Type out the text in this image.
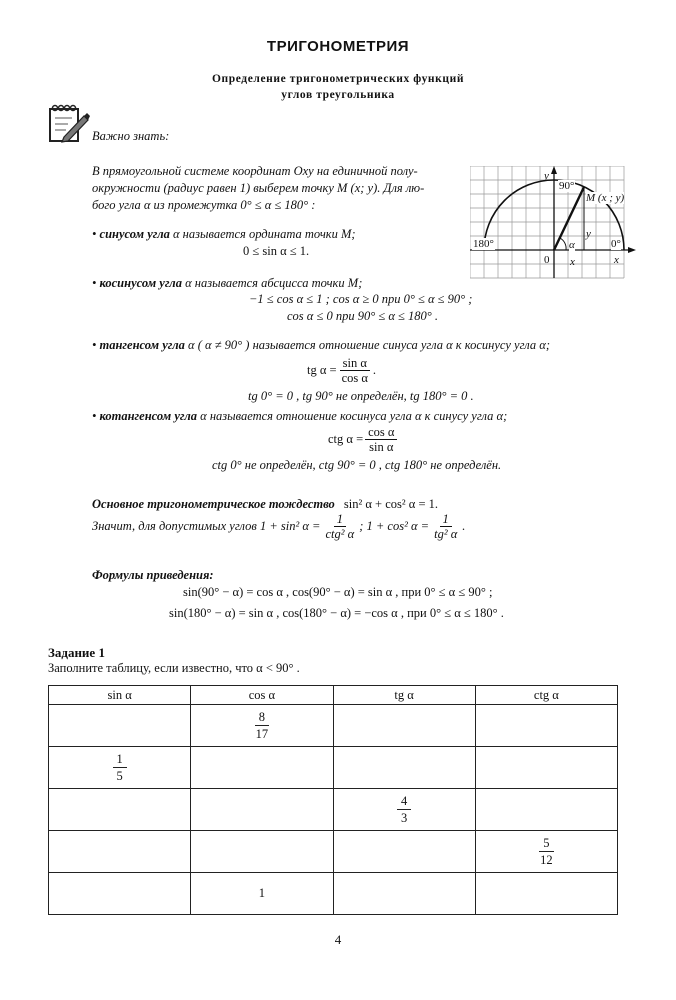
ТРИГОНОМЕТРИЯ
Определение тригонометрических функций
углов треугольника
Важно знать:
В прямоугольной системе координат Oxy на единичной полу-
окружности (радиус равен 1) выберем точку M (x; y). Для лю-
бого угла α из промежутка 0° ≤ α ≤ 180° :
y
90°
M (x ; y)
180°	0°
α
y
0 x	x
• синусом угла α называется ордината точки M;
0 ≤ sin α ≤ 1.
• косинусом угла α называется абсцисса точки M;
−1 ≤ cos α ≤ 1 ; cos α ≥ 0 при 0° ≤ α ≤ 90° ;
cos α ≤ 0 при 90° ≤ α ≤ 180° .
• тангенсом угла α ( α ≠ 90° ) называется отношение синуса угла α к косинусу угла α;
tg $\alpha = \frac{\text{sin α}}{\text{cos α}}$ .
tg 0° = 0 , tg 90° не определён, tg 180° = 0 .
• котангенсом угла α называется отношение косинуса угла α к синусу угла α;
ctg $\alpha = \frac{\text{cos α}}{\text{sin α}}$
ctg 0° не определён, ctg 90° = 0 , ctg 180° не определён.
Основное тригонометрическое тождество sin² α + cos² α = 1.
Значит, для допустимых углов 1 + sin² $\alpha = \frac{1}{\text{ctg² α}}$ ; 1 + cos² $\alpha = \frac{1}{\text{tg² α}}$ .
Формулы приведения:
sin(90° − α) = cos α , cos(90° − α) = sin α , при 0° ≤ α ≤ 90° ;
sin(180° − α) = sin α , cos(180° − α) = −cos α , при 0° ≤ α ≤ 180° .
Задание 1
Заполните таблицу, если известно, что α < 90° .
sin α	cos α	tg α	ctg α

	$\frac{8}{17}$

$\frac{1}{5}$

		$\frac{4}{3}$

			$\frac{5}{12}$

	1		
4
